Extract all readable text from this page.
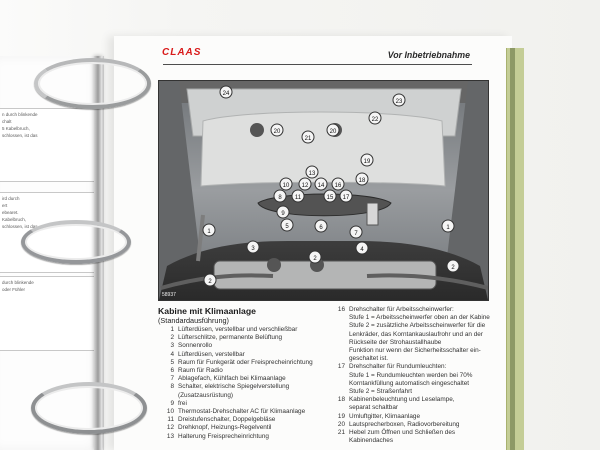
n durch blinkende
chalt
5 Kabelbruch,
schlossen, ist das
ird durch
ert
ebearet.
Kabelbruch,
schlossen, ist das
durch blinkende
oder Fühler
CLAAS	Vor Inbetriebnahme
24
23
20
21
20
22
19
13
10 12 14 16
8 11	15 17
18
9
1
1
5	6
7
3	4
2
2
2
58937
Kabine mit Klimaanlage
(Standardausführung)
1 Lüfterdüsen, verstellbar und verschließbar
2 Lüfterschlitze, permanente Belüftung
3 Sonnenrollo
4 Lüfterdüsen, verstellbar
5 Raum für Funkgerät oder Freisprecheinrichtung
6 Raum für Radio
7 Ablagefach, Kühlfach bei Klimaanlage
8 Schalter, elektrische Spiegelverstellung
(Zusatzausrüstung)
9 frei
10 Thermostat-Drehschalter AC für Klimaanlage
11 Dreistufenschalter, Doppelgebläse
12 Drehknopf, Heizungs-Regelventil
13 Halterung Freisprecheinrichtung
16 Drehschalter für Arbeitsscheinwerfer:
Stufe 1 = Arbeitsscheinwerfer oben an der Kabine
Stufe 2 = zusätzliche Arbeitsscheinwerfer für die
Lenkräder, das Korntankauslaufrohr und an der
Rückseite der Strohaustallhaube
Funktion nur wenn der Sicherheitsschalter ein-
geschaltet ist.
17 Drehschalter für Rundumleuchten:
Stufe 1 = Rundumleuchten werden bei 70%
Korntankfüllung automatisch eingeschaltet
Stufe 2 = Straßenfahrt
18 Kabinenbeleuchtung und Leselampe,
separat schaltbar
19 Umluftgitter, Klimaanlage
20 Lautsprecherboxen, Radiovorbereitung
21 Hebel zum Öffnen und Schließen des
Kabinendaches
